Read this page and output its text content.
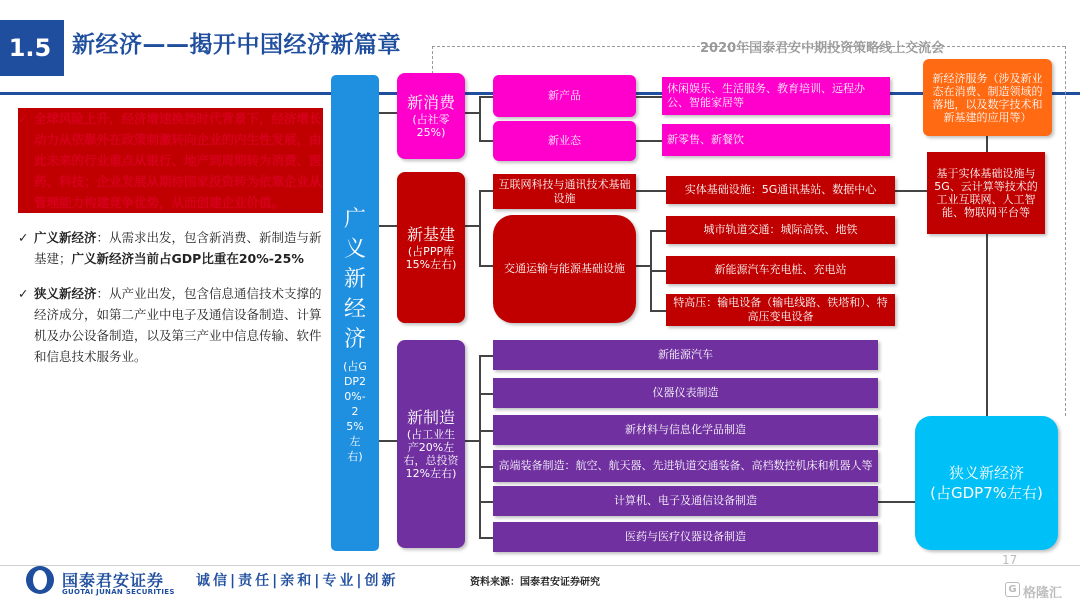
1.5 新经济——揭开中国经济新篇章	2020年国泰君安中期投资策略线上交流会
✓ 全球风险上升，经济增速换挡时代背景下，经济增长动力从依靠外在政策刺激转向企业的内生性发展，由此未来的行业重点从银行、地产到周期转为消费、医药、科技；企业发展从期待国家投资转为依靠企业从管理能力构建竞争优势，从而创建企业价值。
✓ 广义新经济：从需求出发，包含新消费、新制造与新基建；广义新经济当前占GDP比重在20%-25%
✓ 狭义新经济：从产业出发，包含信息通信技术支撑的经济成分，如第二产业中电子及通信设备制造、计算机及办公设备制造，以及第三产业中信息传输、软件和信息技术服务业。
广义新经济
(占GDP20%-25%左右)
新消费
(占社零25%)
新产品
新业态
休闲娱乐、生活服务、教育培训、远程办公、智能家居等
新零售、新餐饮
新基建
(占PPP库15%左右)
互联网科技与通讯技术基础设施
交通运输与能源基础设施
实体基础设施：5G通讯基站、数据中心
城市轨道交通：城际高铁、地铁
新能源汽车充电桩、充电站
特高压：输电设备（输电线路、铁塔和）、特高压变电设备
新制造
(占工业生产20%左右，总投资12%左右)
新能源汽车
仪器仪表制造
新材料与信息化学品制造
高端装备制造：航空、航天器、先进轨道交通装备、高档数控机床和机器人等
计算机、电子及通信设备制造
医药与医疗仪器设备制造
新经济服务（涉及新业态在消费、制造领域的落地，以及数字技术和新基建的应用等）
基于实体基础设施与5G、云计算等技术的工业互联网、人工智能、物联网平台等
狭义新经济
(占GDP7%左右)
国泰君安证券
GUOTAI JUNAN SECURITIES
诚信|责任|亲和|专业|创新	资料来源：国泰君安证券研究
17
G 格隆汇
